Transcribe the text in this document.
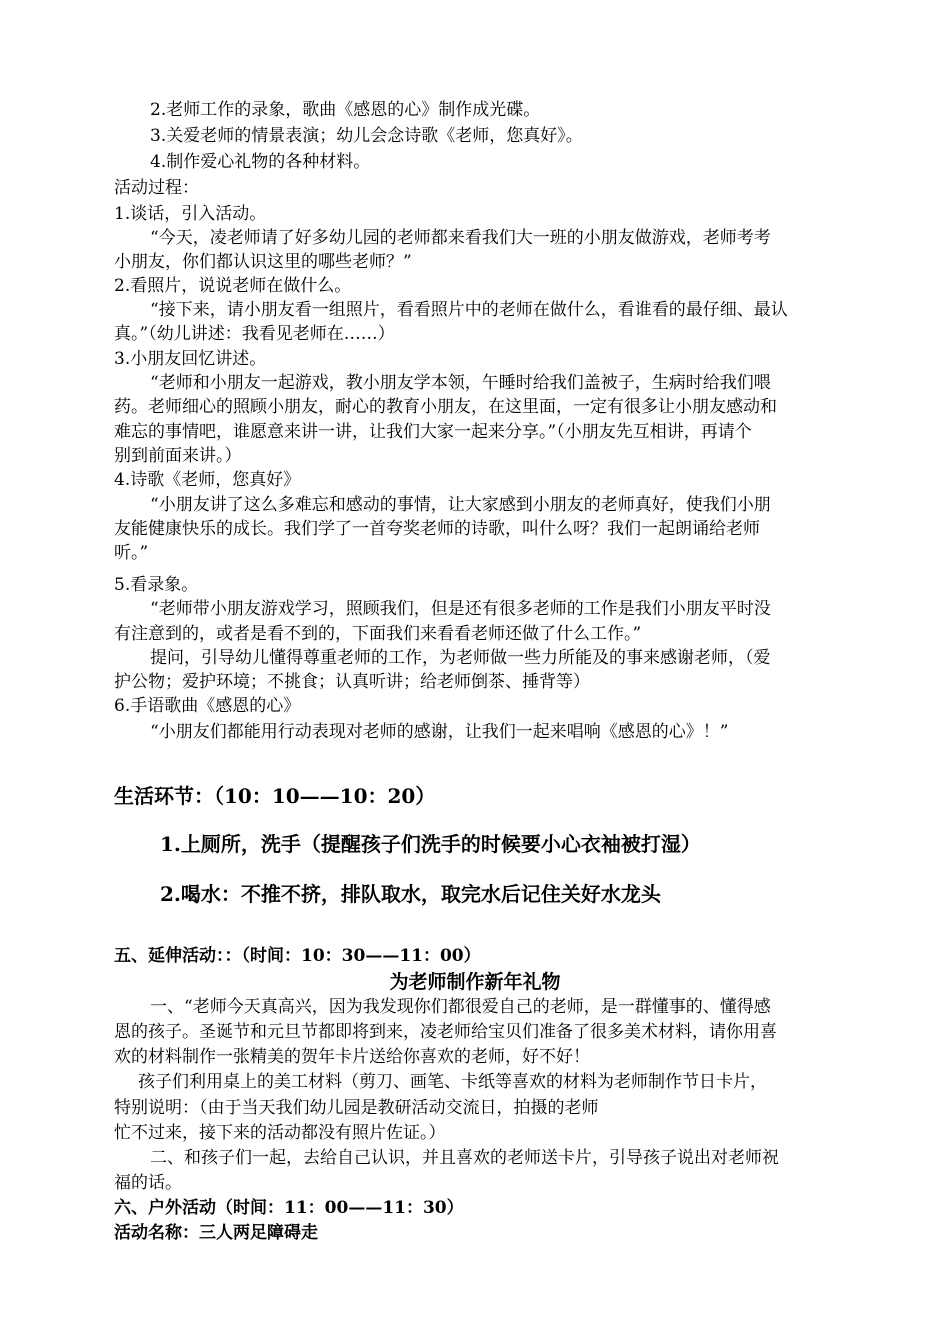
2.老师工作的录象，歌曲《感恩的心》制作成光碟。
3.关爱老师的情景表演；幼儿会念诗歌《老师，您真好》。
4.制作爱心礼物的各种材料。
活动过程：
1.谈话，引入活动。
“今天，凌老师请了好多幼儿园的老师都来看我们大一班的小朋友做游戏，老师考考
小朋友，你们都认识这里的哪些老师？”
2.看照片，说说老师在做什么。
“接下来，请小朋友看一组照片，看看照片中的老师在做什么，看谁看的最仔细、最认
真。”（幼儿讲述：我看见老师在……）
3.小朋友回忆讲述。
“老师和小朋友一起游戏，教小朋友学本领，午睡时给我们盖被子，生病时给我们喂
药。老师细心的照顾小朋友，耐心的教育小朋友，在这里面，一定有很多让小朋友感动和
难忘的事情吧，谁愿意来讲一讲，让我们大家一起来分享。”（小朋友先互相讲，再请个
别到前面来讲。）
4.诗歌《老师，您真好》
“小朋友讲了这么多难忘和感动的事情，让大家感到小朋友的老师真好，使我们小朋
友能健康快乐的成长。我们学了一首夸奖老师的诗歌，叫什么呀？我们一起朗诵给老师
听。”
5.看录象。
“老师带小朋友游戏学习，照顾我们，但是还有很多老师的工作是我们小朋友平时没
有注意到的，或者是看不到的，下面我们来看看老师还做了什么工作。”
提问，引导幼儿懂得尊重老师的工作，为老师做一些力所能及的事来感谢老师，（爱
护公物；爱护环境；不挑食；认真听讲；给老师倒茶、捶背等）
6.手语歌曲《感恩的心》
“小朋友们都能用行动表现对老师的感谢，让我们一起来唱响《感恩的心》！”
生活环节：（10：10——10：20）
1.上厕所，洗手（提醒孩子们洗手的时候要小心衣袖被打湿）
2.喝水：不推不挤，排队取水，取完水后记住关好水龙头
五、延伸活动：：（时间：10：30——11：00）
为老师制作新年礼物
一、“老师今天真高兴，因为我发现你们都很爱自己的老师，是一群懂事的、懂得感
恩的孩子。圣诞节和元旦节都即将到来，凌老师给宝贝们准备了很多美术材料，请你用喜
欢的材料制作一张精美的贺年卡片送给你喜欢的老师，好不好！
孩子们利用桌上的美工材料（剪刀、画笔、卡纸等喜欢的材料为老师制作节日卡片，
特别说明：（由于当天我们幼儿园是教研活动交流日，拍摄的老师
忙不过来，接下来的活动都没有照片佐证。）
二、和孩子们一起，去给自己认识，并且喜欢的老师送卡片，引导孩子说出对老师祝
福的话。
六、户外活动（时间：11：00——11：30）
活动名称：三人两足障碍走
